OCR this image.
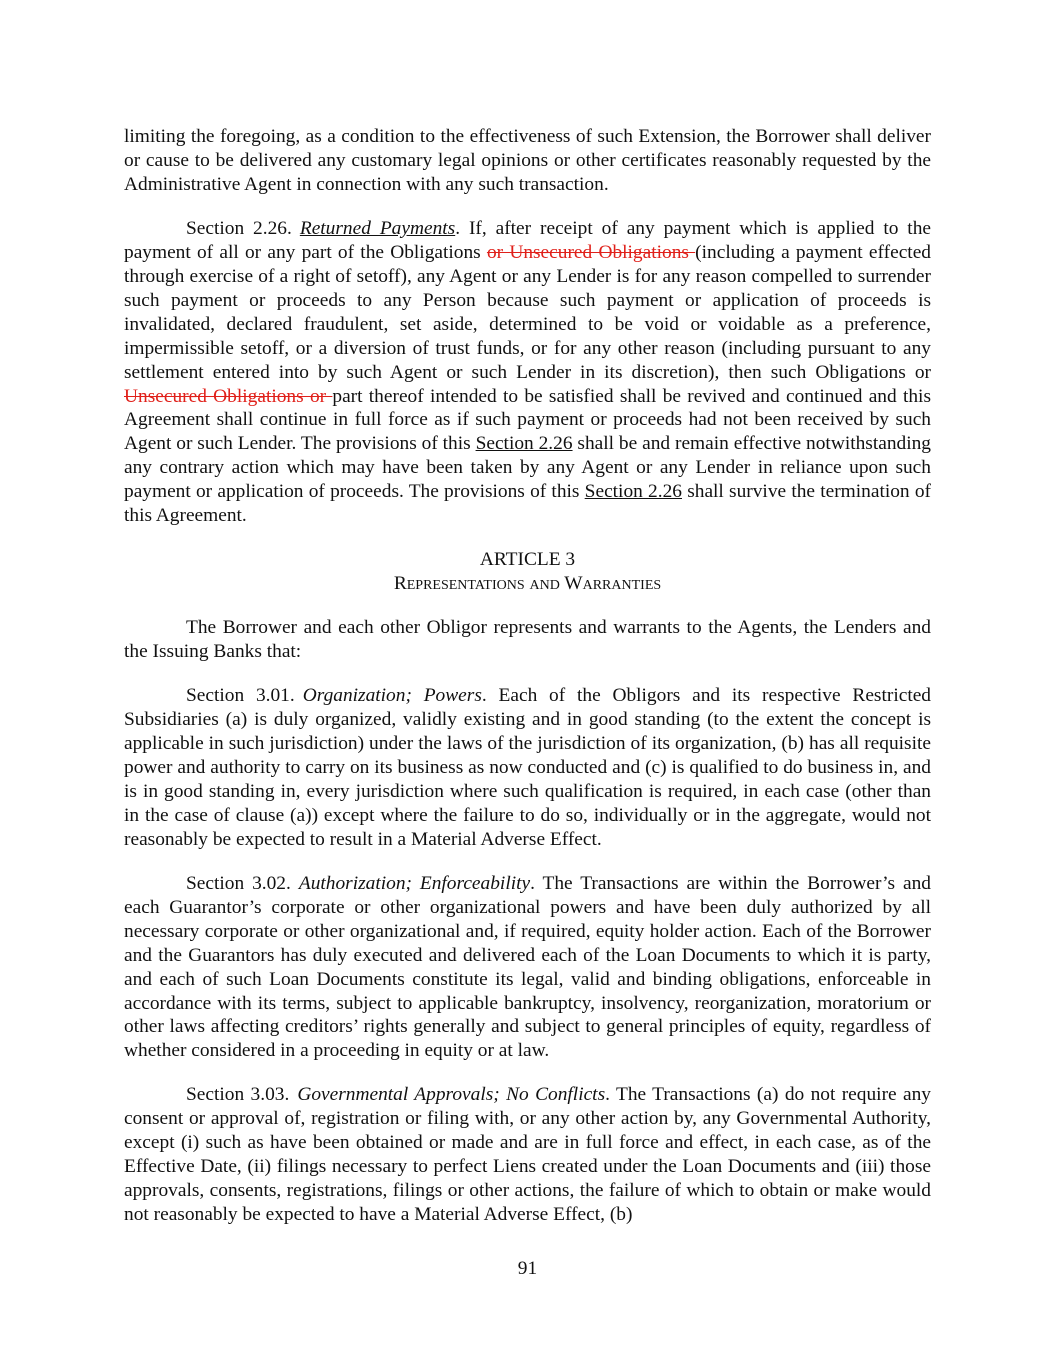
limiting the foregoing, as a condition to the effectiveness of such Extension, the Borrower shall deliver or cause to be delivered any customary legal opinions or other certificates reasonably requested by the Administrative Agent in connection with any such transaction.

Section 2.26. Returned Payments. If, after receipt of any payment which is applied to the payment of all or any part of the Obligations or Unsecured Obligations (including a payment effected through exercise of a right of setoff), any Agent or any Lender is for any reason compelled to surrender such payment or proceeds to any Person because such payment or application of proceeds is invalidated, declared fraudulent, set aside, determined to be void or voidable as a preference, impermissible setoff, or a diversion of trust funds, or for any other reason (including pursuant to any settlement entered into by such Agent or such Lender in its discretion), then such Obligations or Unsecured Obligations or part thereof intended to be satisfied shall be revived and continued and this Agreement shall continue in full force as if such payment or proceeds had not been received by such Agent or such Lender. The provisions of this Section 2.26 shall be and remain effective notwithstanding any contrary action which may have been taken by any Agent or any Lender in reliance upon such payment or application of proceeds. The provisions of this Section 2.26 shall survive the termination of this Agreement.

ARTICLE 3
Representations and Warranties

The Borrower and each other Obligor represents and warrants to the Agents, the Lenders and the Issuing Banks that:

Section 3.01. Organization; Powers. Each of the Obligors and its respective Restricted Subsidiaries (a) is duly organized, validly existing and in good standing (to the extent the concept is applicable in such jurisdiction) under the laws of the jurisdiction of its organization, (b) has all requisite power and authority to carry on its business as now conducted and (c) is qualified to do business in, and is in good standing in, every jurisdiction where such qualification is required, in each case (other than in the case of clause (a)) except where the failure to do so, individually or in the aggregate, would not reasonably be expected to result in a Material Adverse Effect.

Section 3.02. Authorization; Enforceability. The Transactions are within the Borrower’s and each Guarantor’s corporate or other organizational powers and have been duly authorized by all necessary corporate or other organizational and, if required, equity holder action. Each of the Borrower and the Guarantors has duly executed and delivered each of the Loan Documents to which it is party, and each of such Loan Documents constitute its legal, valid and binding obligations, enforceable in accordance with its terms, subject to applicable bankruptcy, insolvency, reorganization, moratorium or other laws affecting creditors’ rights generally and subject to general principles of equity, regardless of whether considered in a proceeding in equity or at law.

Section 3.03. Governmental Approvals; No Conflicts. The Transactions (a) do not require any consent or approval of, registration or filing with, or any other action by, any Governmental Authority, except (i) such as have been obtained or made and are in full force and effect, in each case, as of the Effective Date, (ii) filings necessary to perfect Liens created under the Loan Documents and (iii) those approvals, consents, registrations, filings or other actions, the failure of which to obtain or make would not reasonably be expected to have a Material Adverse Effect, (b)

91
